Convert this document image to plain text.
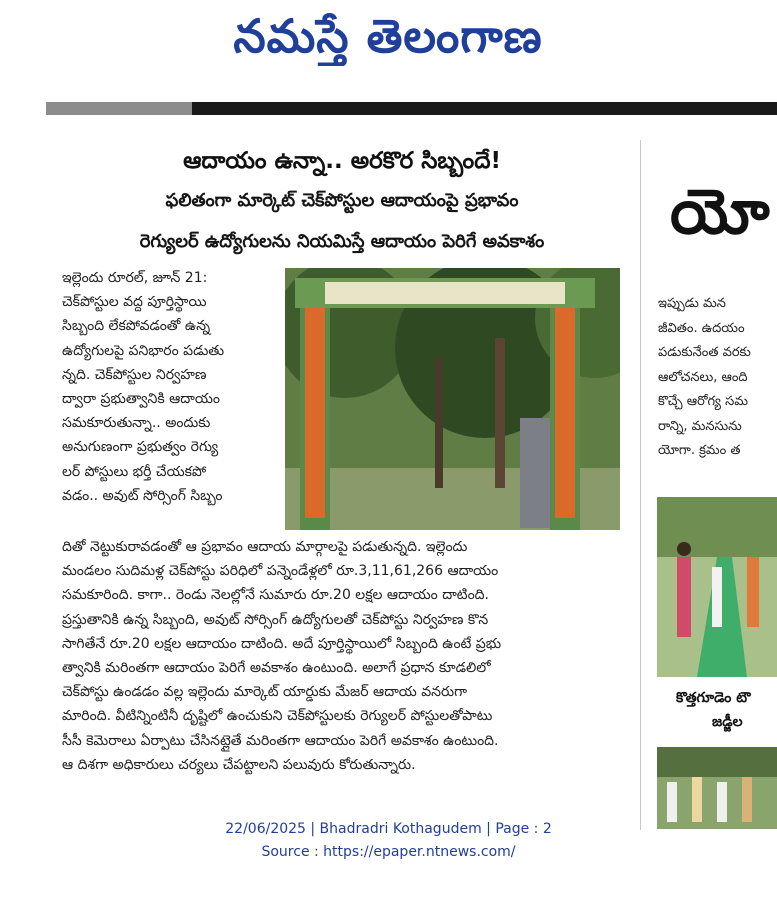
నమస్తే తెలంగాణ
ఆదాయం ఉన్నా.. అరకొర సిబ్బందే!
ఫలితంగా మార్కెట్ చెక్‌పోస్టుల ఆదాయంపై ప్రభావం
రెగ్యులర్ ఉద్యోగులను నియమిస్తే ఆదాయం పెరిగే అవకాశం
ఇల్లెందు రూరల్, జూన్ 21:
చెక్‌పోస్టుల వద్ద పూర్తిస్థాయి
సిబ్బంది లేకపోవడంతో ఉన్న
ఉద్యోగులపై పనిభారం పడుతు
న్నది. చెక్‌పోస్టుల నిర్వహణ
ద్వారా ప్రభుత్వానికి ఆదాయం
సమకూరుతున్నా.. అందుకు
అనుగుణంగా ప్రభుత్వం రెగ్యు
లర్ పోస్టులు భర్తీ చేయకపో
వడం.. అవుట్ సోర్సింగ్ సిబ్బం
దితో నెట్టుకురావడంతో ఆ ప్రభావం ఆదాయ మార్గాలపై పడుతున్నది. ఇల్లెందు
మండలం సుదిమళ్ల చెక్‌పోస్టు పరిధిలో పన్నెండేళ్లలో రూ.3,11,61,266 ఆదాయం
సమకూరింది. కాగా.. రెండు నెలల్లోనే సుమారు రూ.20 లక్షల ఆదాయం దాటింది.
ప్రస్తుతానికి ఉన్న సిబ్బంది, అవుట్ సోర్సింగ్ ఉద్యోగులతో చెక్‌పోస్టు నిర్వహణ కొన
సాగితేనే రూ.20 లక్షల ఆదాయం దాటింది. అదే పూర్తిస్థాయిలో సిబ్బంది ఉంటే ప్రభు
త్వానికి మరింతగా ఆదాయం పెరిగే అవకాశం ఉంటుంది. అలాగే ప్రధాన కూడలిలో
చెక్‌పోస్టు ఉండడం వల్ల ఇల్లెందు మార్కెట్ యార్డుకు మేజర్ ఆదాయ వనరుగా
మారింది. వీటిన్నింటినీ దృష్టిలో ఉంచుకుని చెక్‌పోస్టులకు రెగ్యులర్ పోస్టులతోపాటు
సీసీ కెమెరాలు ఏర్పాటు చేసినట్లైతే మరింతగా ఆదాయం పెరిగే అవకాశం ఉంటుంది.
ఆ దిశగా అధికారులు చర్యలు చేపట్టాలని పలువురు కోరుతున్నారు.
యో
ఇప్పుడు మన
జీవితం. ఉదయం
పడుకునేంత వరకు
ఆలోచనలు, ఆంది
కొచ్చే ఆరోగ్య సమ
రాన్ని, మనసును
యోగా. క్రమం త
కొత్తగూడెం టౌ
జడ్జీల
22/06/2025 | Bhadradri Kothagudem | Page : 2
Source : https://epaper.ntnews.com/
